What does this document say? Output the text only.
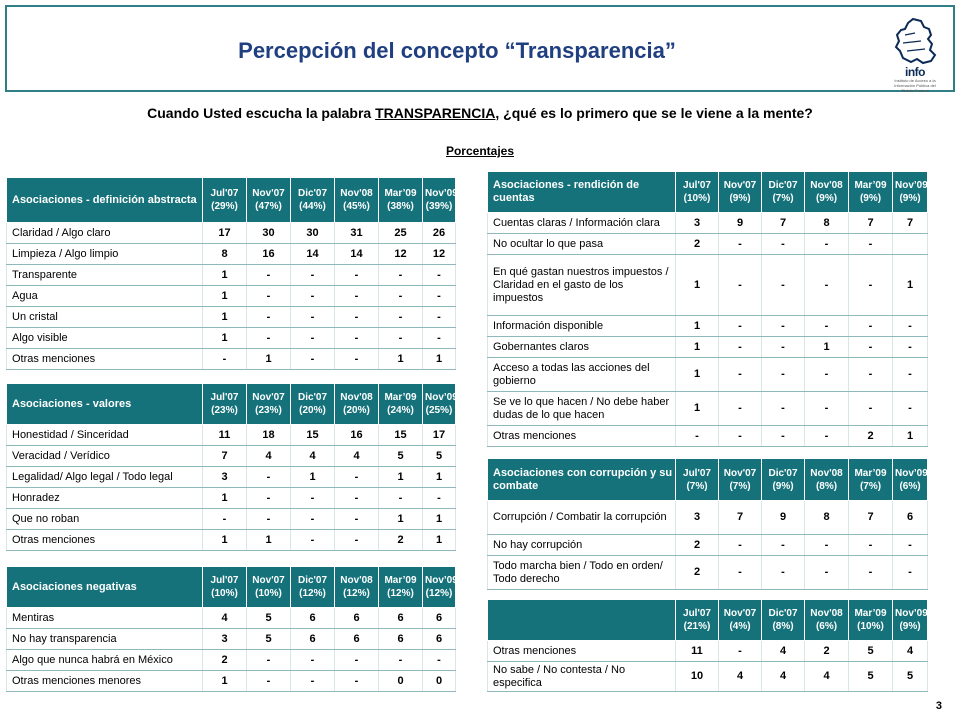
Percepción del concepto “Transparencia”
info
Instituto de Acceso a la Información Pública del Distrito Federal
Cuando Usted escucha la palabra TRANSPARENCIA, ¿qué es lo primero que se le viene a la mente?
Porcentajes
Asociaciones - definición abstracta	Jul'07 (29%)	Nov'07 (47%)	Dic'07 (44%)	Nov'08 (45%)	Mar’09 (38%)	Nov’09 (39%)
Claridad / Algo claro	17	30	30	31	25	26
Limpieza / Algo limpio	8	16	14	14	12	12
Transparente	1	-	-	-	-	-
Agua	1	-	-	-	-	-
Un cristal	1	-	-	-	-	-
Algo visible	1	-	-	-	-	-
Otras menciones	-	1	-	-	1	1
Asociaciones - valores	Jul'07 (23%)	Nov'07 (23%)	Dic'07 (20%)	Nov'08 (20%)	Mar’09 (24%)	Nov’09 (25%)
Honestidad / Sinceridad	11	18	15	16	15	17
Veracidad / Verídico	7	4	4	4	5	5
Legalidad/ Algo legal / Todo legal	3	-	1	-	1	1
Honradez	1	-	-	-	-	-
Que no roban	-	-	-	-	1	1
Otras menciones	1	1	-	-	2	1
Asociaciones negativas	Jul'07 (10%)	Nov'07 (10%)	Dic'07 (12%)	Nov'08 (12%)	Mar’09 (12%)	Nov’09 (12%)
Mentiras	4	5	6	6	6	6
No hay transparencia	3	5	6	6	6	6
Algo que nunca habrá en México	2	-	-	-	-	-
Otras menciones menores	1	-	-	-	0	0
Asociaciones - rendición de cuentas	Jul'07 (10%)	Nov'07 (9%)	Dic'07 (7%)	Nov'08 (9%)	Mar’09 (9%)	Nov’09 (9%)
Cuentas claras / Información clara	3	9	7	8	7	7
No ocultar lo que pasa	2	-	-	-	-	
En qué gastan nuestros impuestos / Claridad en el gasto de los impuestos	1	-	-	-	-	1
Información disponible	1	-	-	-	-	-
Gobernantes claros	1	-	-	1	-	-
Acceso a todas las acciones del gobierno	1	-	-	-	-	-
Se ve lo que hacen / No debe haber dudas de lo que hacen	1	-	-	-	-	-
Otras menciones	-	-	-	-	2	1
Asociaciones con corrupción y su combate	Jul'07 (7%)	Nov'07 (7%)	Dic'07 (9%)	Nov'08 (8%)	Mar’09 (7%)	Nov’09 (6%)
Corrupción / Combatir la corrupción	3	7	9	8	7	6
No hay corrupción	2	-	-	-	-	-
Todo marcha bien / Todo en orden/ Todo derecho	2	-	-	-	-	-
	Jul'07 (21%)	Nov'07 (4%)	Dic'07 (8%)	Nov'08 (6%)	Mar’09 (10%)	Nov’09 (9%)
Otras menciones	11	-	4	2	5	4
No sabe / No contesta / No especifica	10	4	4	4	5	5
3
